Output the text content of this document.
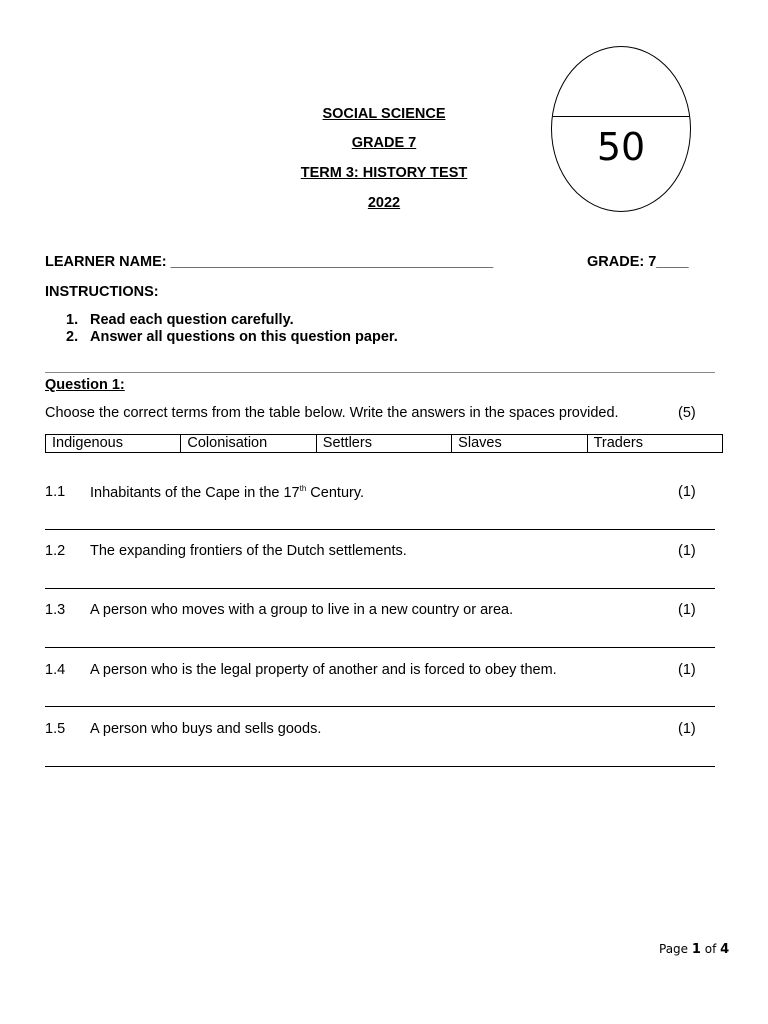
SOCIAL SCIENCE
GRADE 7
TERM 3: HISTORY TEST
2022
50
LEARNER NAME: ________________________________________	GRADE: 7____
INSTRUCTIONS:
1. Read each question carefully.
2. Answer all questions on this question paper.
Question 1:
Choose the correct terms from the table below. Write the answers in the spaces provided.	(5)
Indigenous	Colonisation	Settlers	Slaves	Traders
1.1 Inhabitants of the Cape in the 17th Century.	(1)
1.2 The expanding frontiers of the Dutch settlements.	(1)
1.3 A person who moves with a group to live in a new country or area.	(1)
1.4 A person who is the legal property of another and is forced to obey them.	(1)
1.5 A person who buys and sells goods.	(1)
Page 1 of 4
